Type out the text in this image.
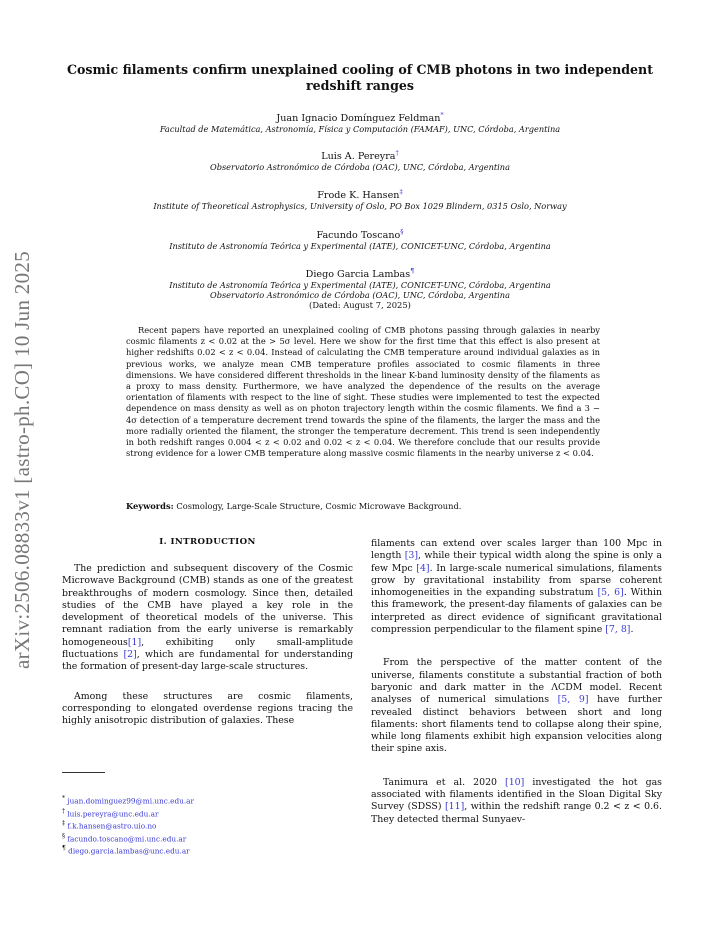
arXiv:2506.08833v1 [astro-ph.CO] 10 Jun 2025
Cosmic filaments confirm unexplained cooling of CMB photons in two independent redshift ranges
Juan Ignacio Domínguez Feldman*
Facultad de Matemática, Astronomía, Física y Computación (FAMAF), UNC, Córdoba, Argentina
Luis A. Pereyra†
Observatorio Astronómico de Córdoba (OAC), UNC, Córdoba, Argentina
Frode K. Hansen‡
Institute of Theoretical Astrophysics, University of Oslo, PO Box 1029 Blindern, 0315 Oslo, Norway
Facundo Toscano§
Instituto de Astronomía Teórica y Experimental (IATE), CONICET-UNC, Córdoba, Argentina
Diego Garcia Lambas¶
Instituto de Astronomía Teórica y Experimental (IATE), CONICET-UNC, Córdoba, Argentina
Observatorio Astronómico de Córdoba (OAC), UNC, Córdoba, Argentina
(Dated: August 7, 2025)
Recent papers have reported an unexplained cooling of CMB photons passing through galaxies in nearby cosmic filaments z < 0.02 at the > 5σ level. Here we show for the first time that this effect is also present at higher redshifts 0.02 < z < 0.04. Instead of calculating the CMB temperature around individual galaxies as in previous works, we analyze mean CMB temperature profiles associated to cosmic filaments in three dimensions. We have considered different thresholds in the linear K-band luminosity density of the filaments as a proxy to mass density. Furthermore, we have analyzed the dependence of the results on the average orientation of filaments with respect to the line of sight. These studies were implemented to test the expected dependence on mass density as well as on photon trajectory length within the cosmic filaments. We find a 3 − 4σ detection of a temperature decrement trend towards the spine of the filaments, the larger the mass and the more radially oriented the filament, the stronger the temperature decrement. This trend is seen independently in both redshift ranges 0.004 < z < 0.02 and 0.02 < z < 0.04. We therefore conclude that our results provide strong evidence for a lower CMB temperature along massive cosmic filaments in the nearby universe z < 0.04.
Keywords: Cosmology, Large-Scale Structure, Cosmic Microwave Background.
I. INTRODUCTION

The prediction and subsequent discovery of the Cosmic Microwave Background (CMB) stands as one of the greatest breakthroughs of modern cosmology. Since then, detailed studies of the CMB have played a key role in the development of theoretical models of the universe. This remnant radiation from the early universe is remarkably homogeneous[1], exhibiting only small-amplitude fluctuations [2], which are fundamental for understanding the formation of present-day large-scale structures.

Among these structures are cosmic filaments, corresponding to elongated overdense regions tracing the highly anisotropic distribution of galaxies. These

* juan.dominguez99@mi.unc.edu.ar
† luis.pereyra@unc.edu.ar
‡ f.k.hansen@astro.uio.no
§ facundo.toscano@mi.unc.edu.ar
¶ diego.garcia.lambas@unc.edu.ar

filaments can extend over scales larger than 100 Mpc in length [3], while their typical width along the spine is only a few Mpc [4]. In large-scale numerical simulations, filaments grow by gravitational instability from sparse coherent inhomogeneities in the expanding substratum [5, 6]. Within this framework, the present-day filaments of galaxies can be interpreted as direct evidence of significant gravitational compression perpendicular to the filament spine [7, 8].

From the perspective of the matter content of the universe, filaments constitute a substantial fraction of both baryonic and dark matter in the ΛCDM model. Recent analyses of numerical simulations [5, 9] have further revealed distinct behaviors between short and long filaments: short filaments tend to collapse along their spine, while long filaments exhibit high expansion velocities along their spine axis.

Tanimura et al. 2020 [10] investigated the hot gas associated with filaments identified in the Sloan Digital Sky Survey (SDSS) [11], within the redshift range 0.2 < z < 0.6. They detected thermal Sunyaev-
